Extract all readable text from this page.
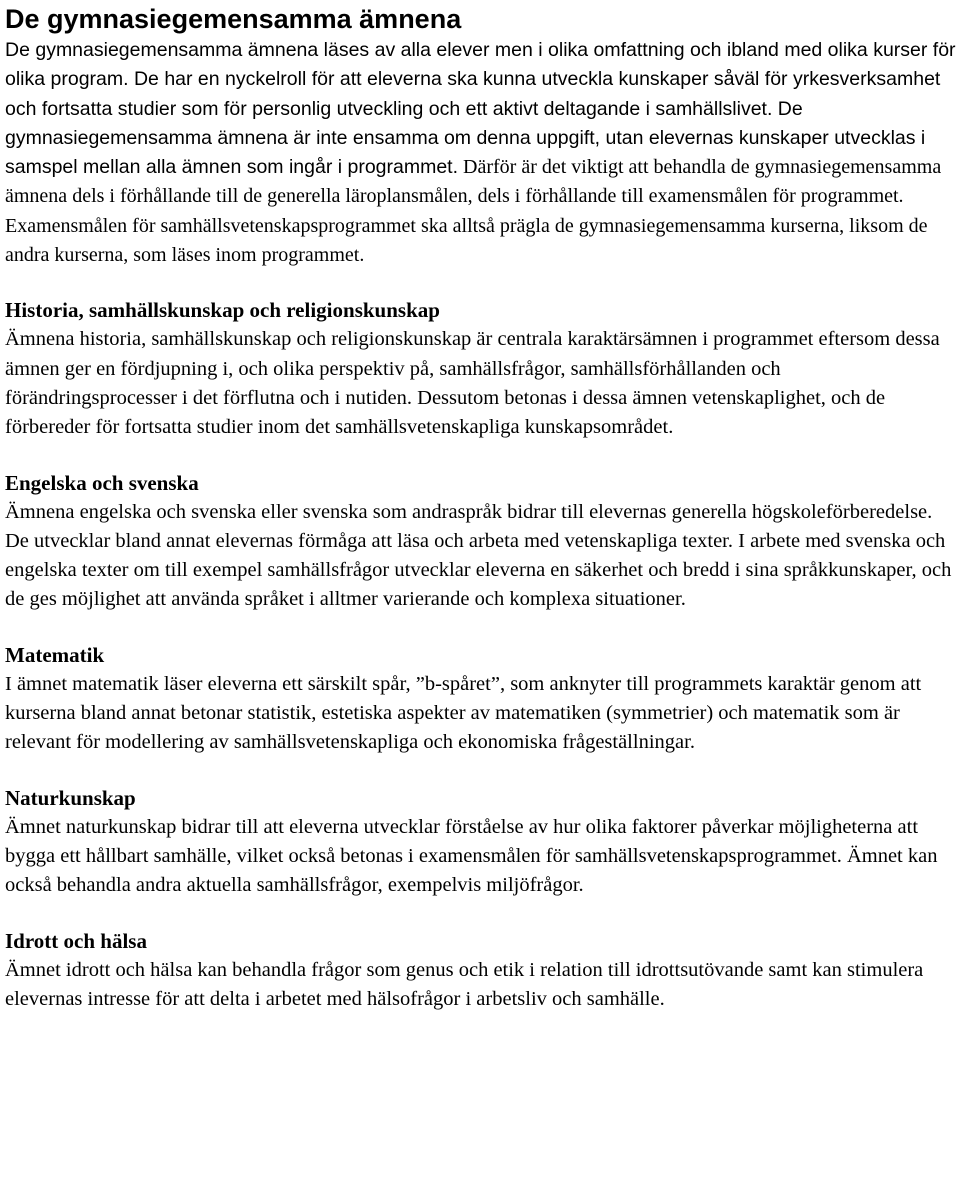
De gymnasiegemensamma ämnena

De gymnasiegemensamma ämnena läses av alla elever men i olika omfattning och ibland med olika kurser för olika program. De har en nyckelroll för att eleverna ska kunna utveckla kunskaper såväl för yrkesverksamhet och fortsatta studier som för personlig utveckling och ett aktivt deltagande i samhällslivet. De gymnasiegemensamma ämnena är inte ensamma om denna uppgift, utan elevernas kunskaper utvecklas i samspel mellan alla ämnen som ingår i programmet. Därför är det viktigt att behandla de gymnasiegemensamma ämnena dels i förhållande till de generella läroplansmålen, dels i förhållande till examensmålen för programmet. Examensmålen för samhällsvetenskapsprogrammet ska alltså prägla de gymnasiegemensamma kurserna, liksom de andra kurserna, som läses inom programmet.

Historia, samhällskunskap och religionskunskap

Ämnena historia, samhällskunskap och religionskunskap är centrala karaktärsämnen i programmet eftersom dessa ämnen ger en fördjupning i, och olika perspektiv på, samhällsfrågor, samhällsförhållanden och förändringsprocesser i det förflutna och i nutiden. Dessutom betonas i dessa ämnen vetenskaplighet, och de förbereder för fortsatta studier inom det samhällsvetenskapliga kunskapsområdet.

Engelska och svenska

Ämnena engelska och svenska eller svenska som andraspråk bidrar till elevernas generella högskoleförberedelse. De utvecklar bland annat elevernas förmåga att läsa och arbeta med vetenskapliga texter. I arbete med svenska och engelska texter om till exempel samhällsfrågor utvecklar eleverna en säkerhet och bredd i sina språkkunskaper, och de ges möjlighet att använda språket i alltmer varierande och komplexa situationer.

Matematik

I ämnet matematik läser eleverna ett särskilt spår, ”b-spåret”, som anknyter till programmets karaktär genom att kurserna bland annat betonar statistik, estetiska aspekter av matematiken (symmetrier) och matematik som är relevant för modellering av samhällsvetenskapliga och ekonomiska frågeställningar.

Naturkunskap

Ämnet naturkunskap bidrar till att eleverna utvecklar förståelse av hur olika faktorer påverkar möjligheterna att bygga ett hållbart samhälle, vilket också betonas i examensmålen för samhällsvetenskapsprogrammet. Ämnet kan också behandla andra aktuella samhällsfrågor, exempelvis miljöfrågor.

Idrott och hälsa

Ämnet idrott och hälsa kan behandla frågor som genus och etik i relation till idrottsutövande samt kan stimulera elevernas intresse för att delta i arbetet med hälsofrågor i arbetsliv och samhälle.
